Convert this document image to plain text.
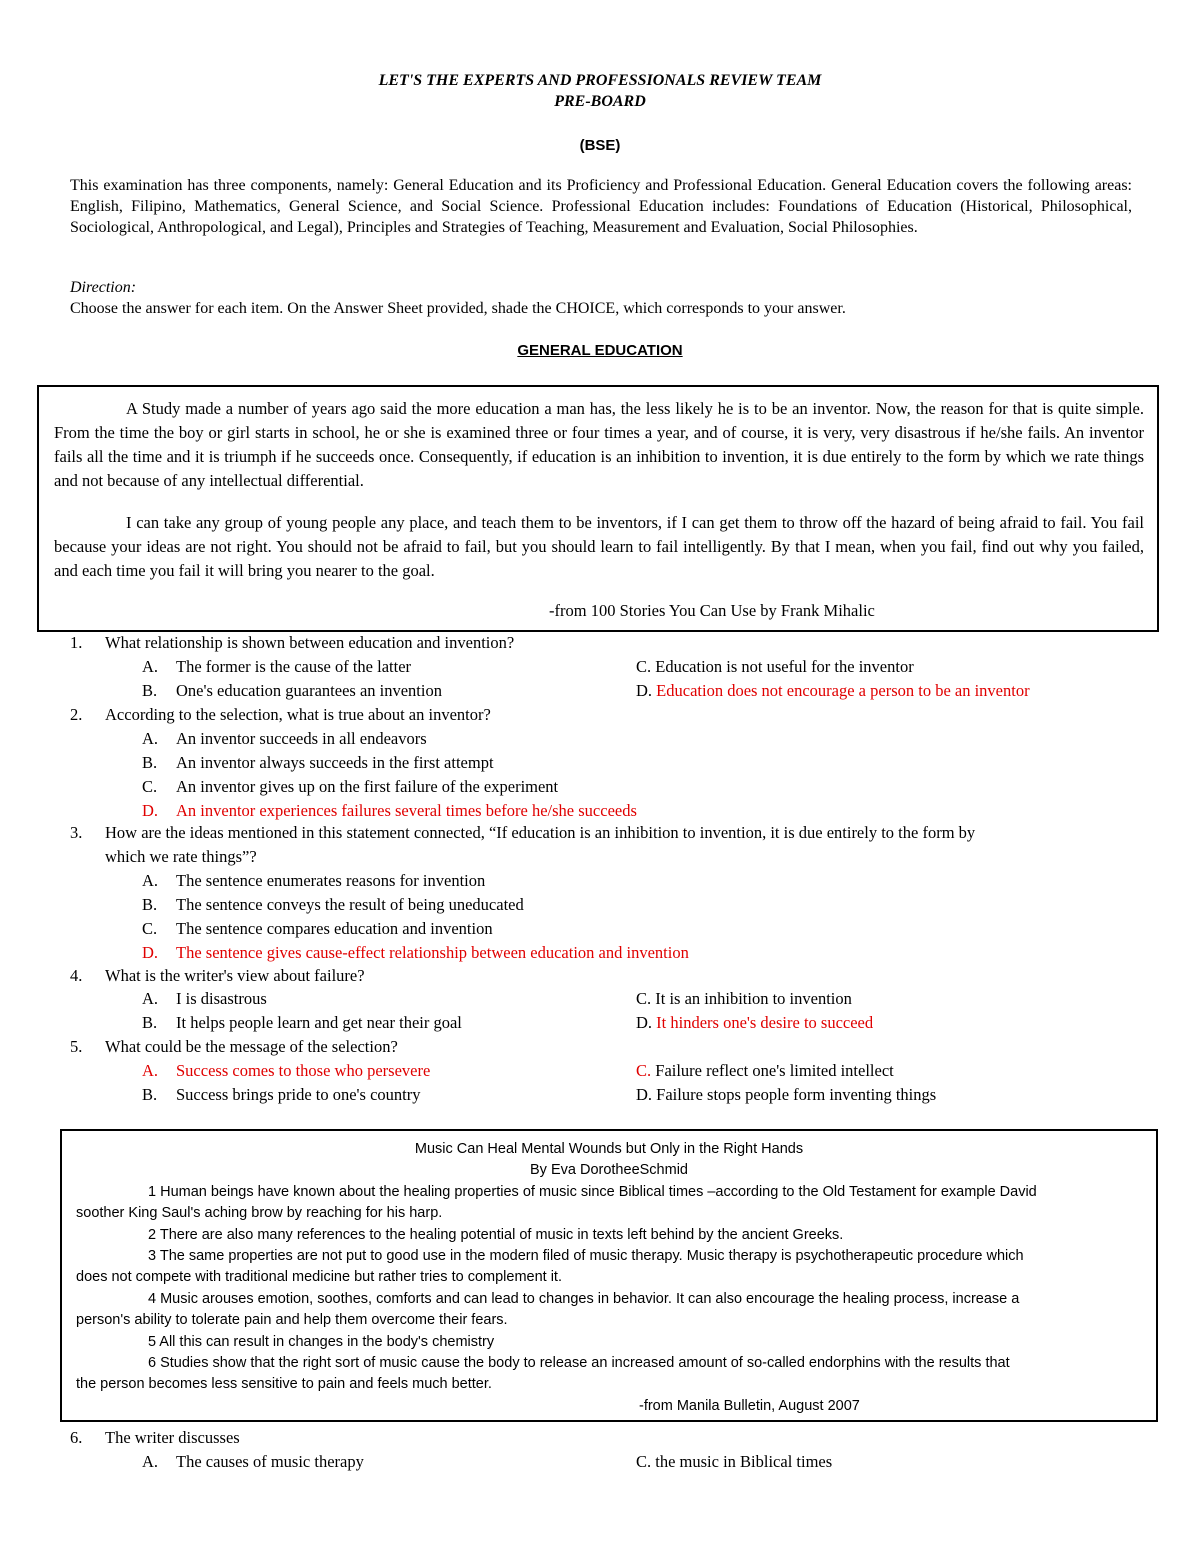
LET'S THE EXPERTS AND PROFESSIONALS REVIEW TEAM
PRE-BOARD
(BSE)
This examination has three components, namely: General Education and its Proficiency and Professional Education. General Education covers the following areas: English, Filipino, Mathematics, General Science, and Social Science. Professional Education includes: Foundations of Education (Historical, Philosophical, Sociological, Anthropological, and Legal), Principles and Strategies of Teaching, Measurement and Evaluation, Social Philosophies.
Direction:
Choose the answer for each item. On the Answer Sheet provided, shade the CHOICE, which corresponds to your answer.
GENERAL EDUCATION
A Study made a number of years ago said the more education a man has, the less likely he is to be an inventor. Now, the reason for that is quite simple. From the time the boy or girl starts in school, he or she is examined three or four times a year, and of course, it is very, very disastrous if he/she fails. An inventor fails all the time and it is triumph if he succeeds once. Consequently, if education is an inhibition to invention, it is due entirely to the form by which we rate things and not because of any intellectual differential.
I can take any group of young people any place, and teach them to be inventors, if I can get them to throw off the hazard of being afraid to fail. You fail because your ideas are not right. You should not be afraid to fail, but you should learn to fail intelligently. By that I mean, when you fail, find out why you failed, and each time you fail it will bring you nearer to the goal.
-from 100 Stories You Can Use by Frank Mihalic
1. What relationship is shown between education and invention?
A. The former is the cause of the latter	C. Education is not useful for the inventor
B. One's education guarantees an invention	D. Education does not encourage a person to be an inventor
2. According to the selection, what is true about an inventor?
A. An inventor succeeds in all endeavors
B. An inventor always succeeds in the first attempt
C. An inventor gives up on the first failure of the experiment
D. An inventor experiences failures several times before he/she succeeds
3. How are the ideas mentioned in this statement connected, “If education is an inhibition to invention, it is due entirely to the form by
which we rate things”?
A. The sentence enumerates reasons for invention
B. The sentence conveys the result of being uneducated
C. The sentence compares education and invention
D. The sentence gives cause-effect relationship between education and invention
4. What is the writer's view about failure?
A. I is disastrous	C. It is an inhibition to invention
B. It helps people learn and get near their goal	D. It hinders one's desire to succeed
5. What could be the message of the selection?
A. Success comes to those who persevere	C. Failure reflect one's limited intellect
B. Success brings pride to one's country	D. Failure stops people form inventing things
Music Can Heal Mental Wounds but Only in the Right Hands
By Eva DorotheeSchmid
1 Human beings have known about the healing properties of music since Biblical times –according to the Old Testament for example David
soother King Saul's aching brow by reaching for his harp.
2 There are also many references to the healing potential of music in texts left behind by the ancient Greeks.
3 The same properties are not put to good use in the modern filed of music therapy. Music therapy is psychotherapeutic procedure which
does not compete with traditional medicine but rather tries to complement it.
4 Music arouses emotion, soothes, comforts and can lead to changes in behavior. It can also encourage the healing process, increase a
person's ability to tolerate pain and help them overcome their fears.
5 All this can result in changes in the body's chemistry
6 Studies show that the right sort of music cause the body to release an increased amount of so-called endorphins with the results that
the person becomes less sensitive to pain and feels much better.
-from Manila Bulletin, August 2007
6. The writer discusses
A. The causes of music therapy	C. the music in Biblical times
